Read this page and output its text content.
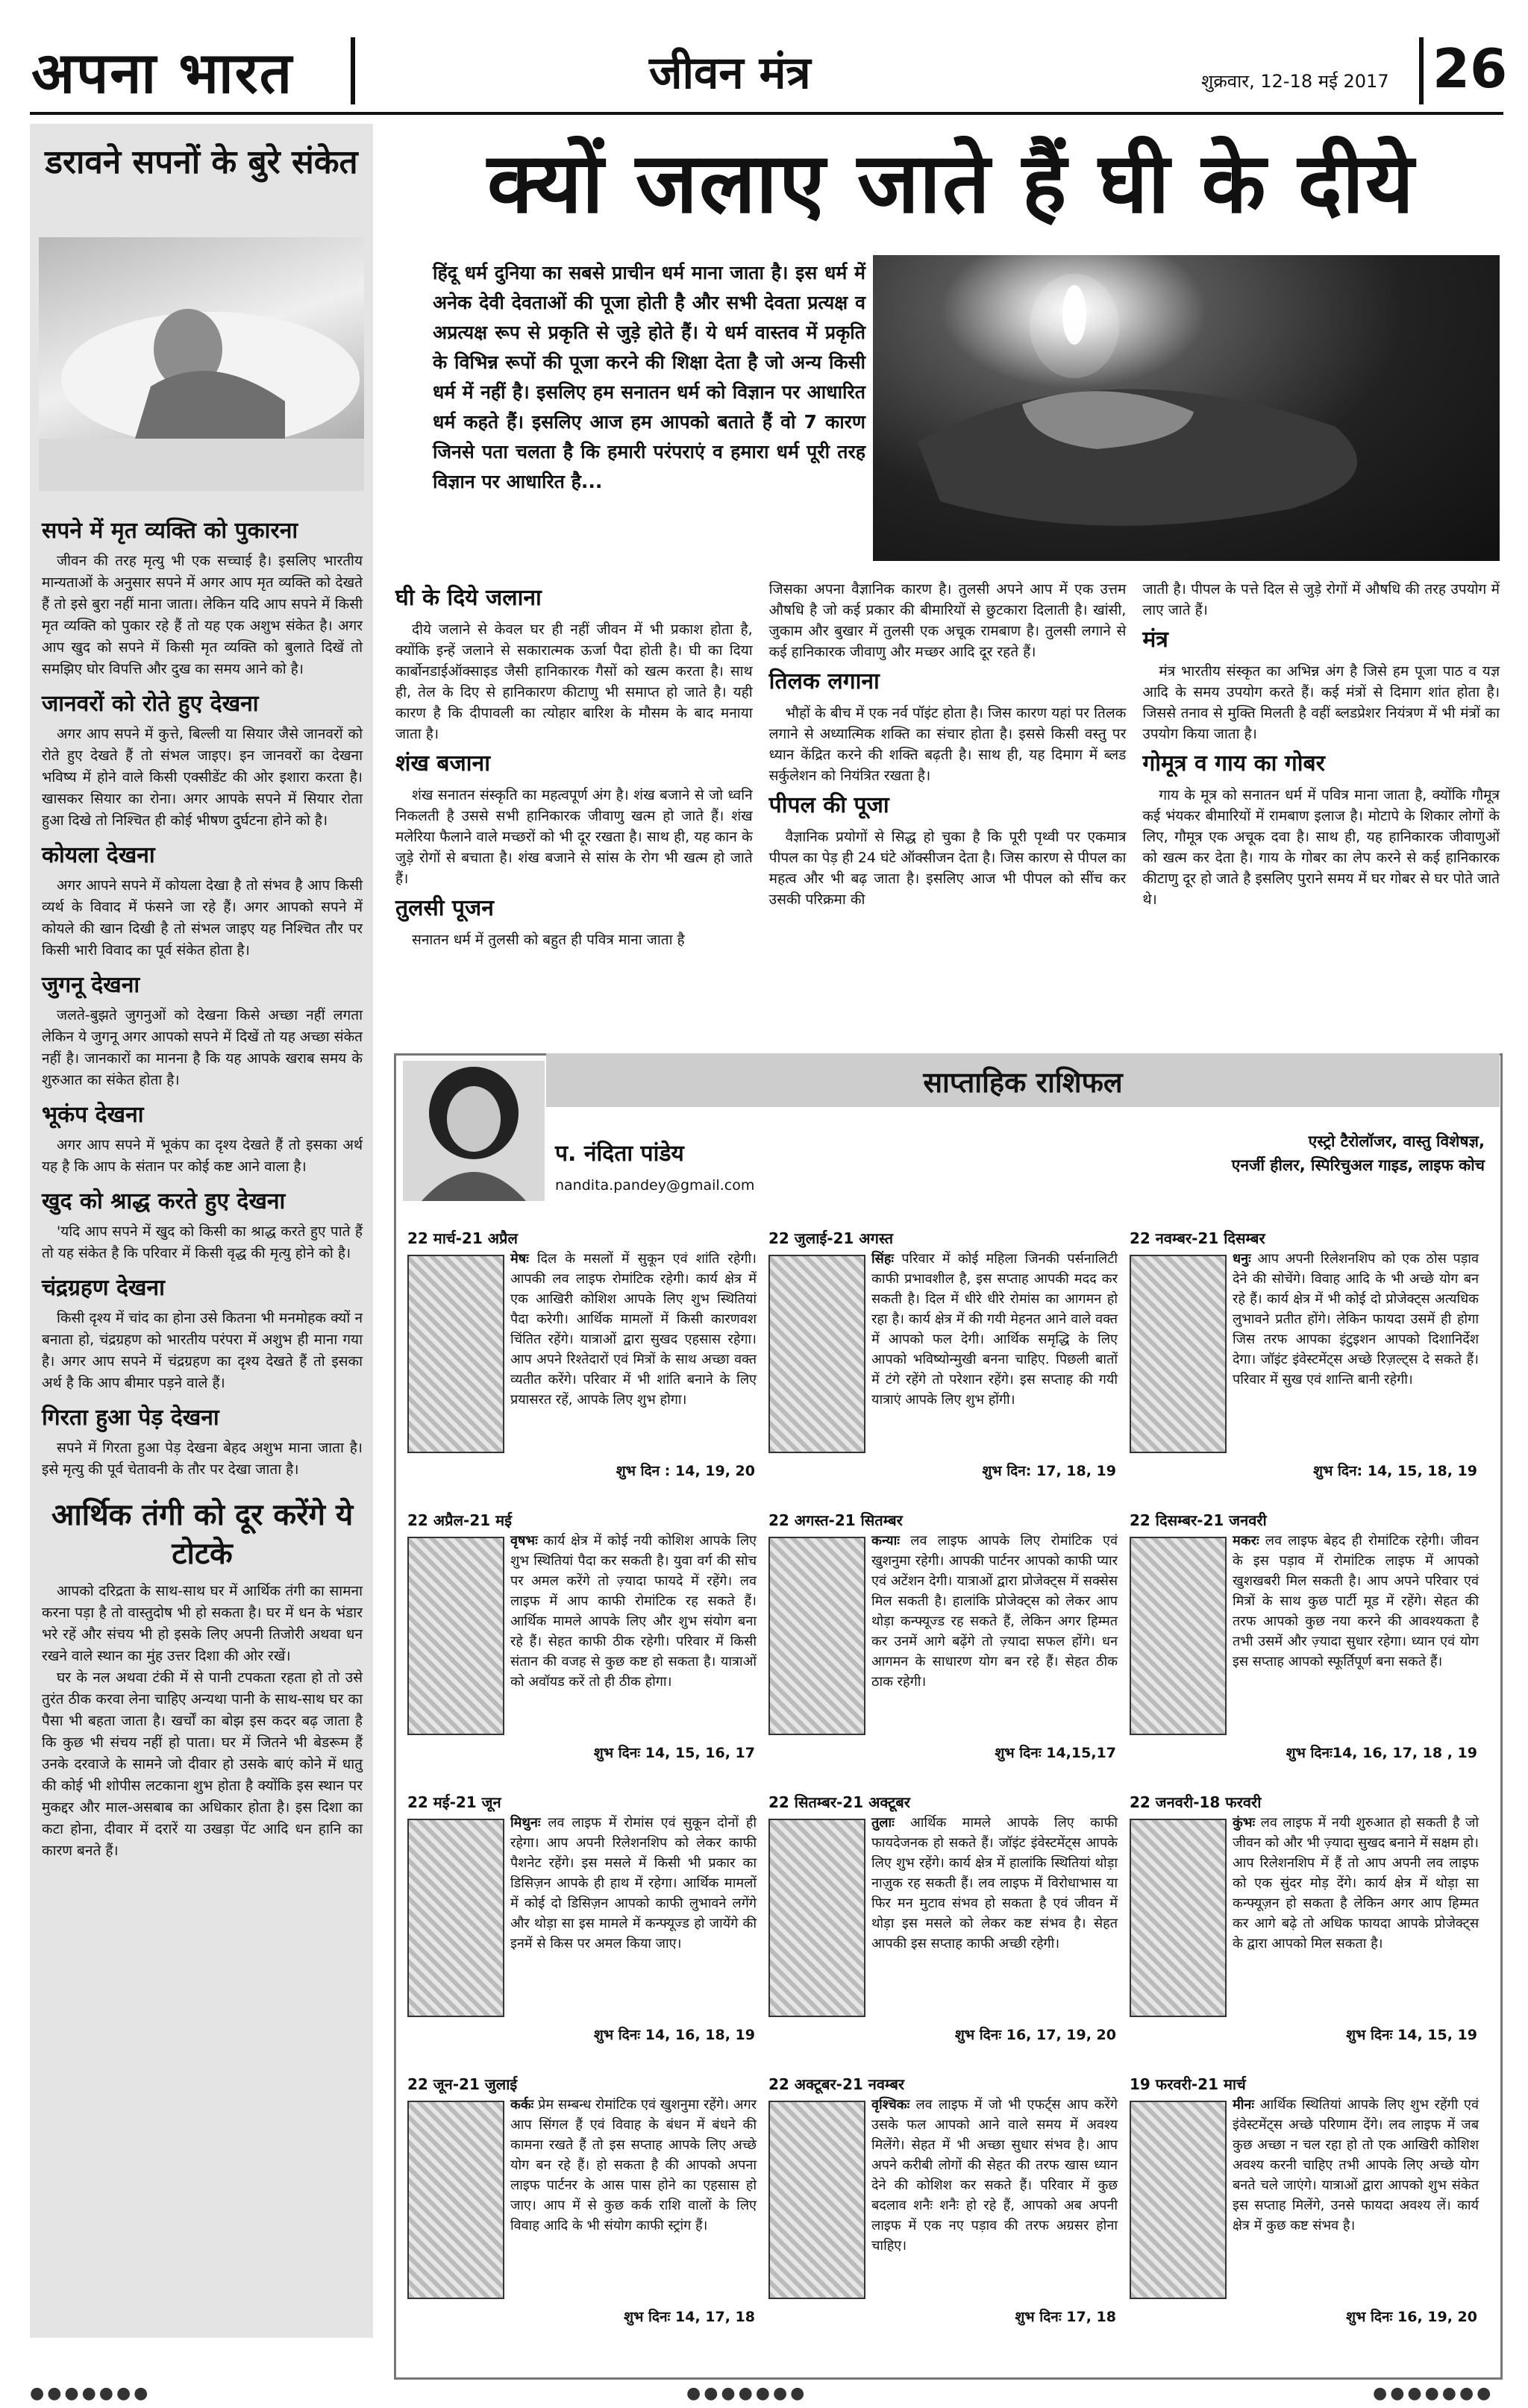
अपना भारत	जीवन मंत्र	शुक्रवार, 12-18 मई 2017 26
डरावने सपनों के बुरे संकेत
सपने में मृत व्यक्ति को पुकारना

जीवन की तरह मृत्यु भी एक सच्चाई है। इसलिए भारतीय मान्यताओं के अनुसार सपने में अगर आप मृत व्यक्ति को देखते हैं तो इसे बुरा नहीं माना जाता। लेकिन यदि आप सपने में किसी मृत व्यक्ति को पुकार रहे हैं तो यह एक अशुभ संकेत है। अगर आप खुद को सपने में किसी मृत व्यक्ति को बुलाते दिखें तो समझिए घोर विपत्ति और दुख का समय आने को है।

जानवरों को रोते हुए देखना

अगर आप सपने में कुत्ते, बिल्ली या सियार जैसे जानवरों को रोते हुए देखते हैं तो संभल जाइए। इन जानवरों का देखना भविष्य में होने वाले किसी एक्सीडेंट की ओर इशारा करता है। खासकर सियार का रोना। अगर आपके सपने में सियार रोता हुआ दिखे तो निश्चित ही कोई भीषण दुर्घटना होने को है।

कोयला देखना

अगर आपने सपने में कोयला देखा है तो संभव है आप किसी व्यर्थ के विवाद में फंसने जा रहे हैं। अगर आपको सपने में कोयले की खान दिखी है तो संभल जाइए यह निश्चित तौर पर किसी भारी विवाद का पूर्व संकेत होता है।

जुगनू देखना

जलते-बुझते जुगनुओं को देखना किसे अच्छा नहीं लगता लेकिन ये जुगनू अगर आपको सपने में दिखें तो यह अच्छा संकेत नहीं है। जानकारों का मानना है कि यह आपके खराब समय के शुरुआत का संकेत होता है।

भूकंप देखना

अगर आप सपने में भूकंप का दृश्य देखते हैं तो इसका अर्थ यह है कि आप के संतान पर कोई कष्ट आने वाला है।

खुद को श्राद्ध करते हुए देखना

'यदि आप सपने में खुद को किसी का श्राद्ध करते हुए पाते हैं तो यह संकेत है कि परिवार में किसी वृद्ध की मृत्यु होने को है।

चंद्रग्रहण देखना

किसी दृश्य में चांद का होना उसे कितना भी मनमोहक क्यों न बनाता हो, चंद्रग्रहण को भारतीय परंपरा में अशुभ ही माना गया है। अगर आप सपने में चंद्रग्रहण का दृश्य देखते हैं तो इसका अर्थ है कि आप बीमार पड़ने वाले हैं।

गिरता हुआ पेड़ देखना

सपने में गिरता हुआ पेड़ देखना बेहद अशुभ माना जाता है। इसे मृत्यु की पूर्व चेतावनी के तौर पर देखा जाता है।

आर्थिक तंगी को दूर करेंगे ये टोटके

आपको दरिद्रता के साथ-साथ घर में आर्थिक तंगी का सामना करना पड़ा है तो वास्तुदोष भी हो सकता है। घर में धन के भंडार भरे रहें और संचय भी हो इसके लिए अपनी तिजोरी अथवा धन रखने वाले स्थान का मुंह उत्तर दिशा की ओर रखें।

घर के नल अथवा टंकी में से पानी टपकता रहता हो तो उसे तुरंत ठीक करवा लेना चाहिए अन्यथा पानी के साथ-साथ घर का पैसा भी बहता जाता है। खर्चों का बोझ इस कदर बढ़ जाता है कि कुछ भी संचय नहीं हो पाता। घर में जितने भी बेडरूम हैं उनके दरवाजे के सामने जो दीवार हो उसके बाएं कोने में धातु की कोई भी शोपीस लटकाना शुभ होता है क्योंकि इस स्थान पर मुकद्दर और माल-असबाब का अधिकार होता है। इस दिशा का कटा होना, दीवार में दरारें या उखड़ा पेंट आदि धन हानि का कारण बनते हैं।

क्यों जलाए जाते हैं घी के दीये
हिंदू धर्म दुनिया का सबसे प्राचीन धर्म माना जाता है। इस धर्म में अनेक देवी देवताओं की पूजा होती है और सभी देवता प्रत्यक्ष व अप्रत्यक्ष रूप से प्रकृति से जुड़े होते हैं। ये धर्म वास्तव में प्रकृति के विभिन्न रूपों की पूजा करने की शिक्षा देता है जो अन्य किसी धर्म में नहीं है। इसलिए हम सनातन धर्म को विज्ञान पर आधारित धर्म कहते हैं। इसलिए आज हम आपको बताते हैं वो 7 कारण जिनसे पता चलता है कि हमारी परंपराएं व हमारा धर्म पूरी तरह विज्ञान पर आधारित है...
घी के दिये जलाना

दीये जलाने से केवल घर ही नहीं जीवन में भी प्रकाश होता है, क्योंकि इन्हें जलाने से सकारात्मक ऊर्जा पैदा होती है। घी का दिया कार्बोनडाईऑक्साइड जैसी हानिकारक गैसों को खत्म करता है। साथ ही, तेल के दिए से हानिकारण कीटाणु भी समाप्त हो जाते है। यही कारण है कि दीपावली का त्योहार बारिश के मौसम के बाद मनाया जाता है।

शंख बजाना

शंख सनातन संस्कृति का महत्वपूर्ण अंग है। शंख बजाने से जो ध्वनि निकलती है उससे सभी हानिकारक जीवाणु खत्म हो जाते हैं। शंख मलेरिया फैलाने वाले मच्छरों को भी दूर रखता है। साथ ही, यह कान के जुड़े रोगों से बचाता है। शंख बजाने से सांस के रोग भी खत्म हो जाते हैं।

तुलसी पूजन

सनातन धर्म में तुलसी को बहुत ही पवित्र माना जाता है

जिसका अपना वैज्ञानिक कारण है। तुलसी अपने आप में एक उत्तम औषधि है जो कई प्रकार की बीमारियों से छुटकारा दिलाती है। खांसी, जुकाम और बुखार में तुलसी एक अचूक रामबाण है। तुलसी लगाने से कई हानिकारक जीवाणु और मच्छर आदि दूर रहते हैं।

तिलक लगाना

भौहों के बीच में एक नर्व पॉइंट होता है। जिस कारण यहां पर तिलक लगाने से अध्यात्मिक शक्ति का संचार होता है। इससे किसी वस्तु पर ध्यान केंद्रित करने की शक्ति बढ़ती है। साथ ही, यह दिमाग में ब्लड सर्कुलेशन को नियंत्रित रखता है।

पीपल की पूजा

वैज्ञानिक प्रयोगों से सिद्ध हो चुका है कि पूरी पृथ्वी पर एकमात्र पीपल का पेड़ ही 24 घंटे ऑक्सीजन देता है। जिस कारण से पीपल का महत्व और भी बढ़ जाता है। इसलिए आज भी पीपल को सींच कर उसकी परिक्रमा की

जाती है। पीपल के पत्ते दिल से जुड़े रोगों में औषधि की तरह उपयोग में लाए जाते हैं।

मंत्र

मंत्र भारतीय संस्कृत का अभिन्न अंग है जिसे हम पूजा पाठ व यज्ञ आदि के समय उपयोग करते हैं। कई मंत्रों से दिमाग शांत होता है। जिससे तनाव से मुक्ति मिलती है वहीं ब्लडप्रेशर नियंत्रण में भी मंत्रों का उपयोग किया जाता है।

गोमूत्र व गाय का गोबर

गाय के मूत्र को सनातन धर्म में पवित्र माना जाता है, क्योंकि गौमूत्र कई भंयकर बीमारियों में रामबाण इलाज है। मोटापे के शिकार लोगों के लिए, गौमूत्र एक अचूक दवा है। साथ ही, यह हानिकारक जीवाणुओं को खत्म कर देता है। गाय के गोबर का लेप करने से कई हानिकारक कीटाणु दूर हो जाते है इसलिए पुराने समय में घर गोबर से घर पोते जाते थे।

साप्ताहिक राशिफल
प. नंदिता पांडेय
nandita.pandey@gmail.com
एस्ट्रो टैरोलॉजर, वास्तु विशेषज्ञ,
एनर्जी हीलर, स्पिरिचुअल गाइड, लाइफ कोच
22 मार्च-21 अप्रैल
मेषः दिल के मसलों में सुकून एवं शांति रहेगी। आपकी लव लाइफ रोमांटिक रहेगी। कार्य क्षेत्र में एक आखिरी कोशिश आपके लिए शुभ स्थितियां पैदा करेगी। आर्थिक मामलों में किसी कारणवश चिंतित रहेंगे। यात्राओं द्वारा सुखद एहसास रहेगा। आप अपने रिश्तेदारों एवं मित्रों के साथ अच्छा वक्त व्यतीत करेंगे। परिवार में भी शांति बनाने के लिए प्रयासरत रहें, आपके लिए शुभ होगा।
शुभ दिन : 14, 19, 20
22 जुलाई-21 अगस्त
सिंहः परिवार में कोई महिला जिनकी पर्सनालिटी काफी प्रभावशील है, इस सप्ताह आपकी मदद कर सकती है। दिल में धीरे धीरे रोमांस का आगमन हो रहा है। कार्य क्षेत्र में की गयी मेहनत आने वाले वक्त में आपको फल देगी। आर्थिक समृद्धि के लिए आपको भविष्योन्मुखी बनना चाहिए. पिछली बातों में टंगे रहेंगे तो परेशान रहेंगे। इस सप्ताह की गयी यात्राएं आपके लिए शुभ होंगी।
शुभ दिन: 17, 18, 19
22 नवम्बर-21 दिसम्बर
धनुः आप अपनी रिलेशनशिप को एक ठोस पड़ाव देने की सोचेंगे। विवाह आदि के भी अच्छे योग बन रहे हैं। कार्य क्षेत्र में भी कोई दो प्रोजेक्ट्स अत्यधिक लुभावने प्रतीत होंगे। लेकिन फायदा उसमें ही होगा जिस तरफ आपका इंटुइशन आपको दिशानिर्देश देगा। जॉइंट इंवेस्टमेंट्स अच्छे रिज़ल्ट्स दे सकते हैं। परिवार में सुख एवं शान्ति बानी रहेगी।
शुभ दिन: 14, 15, 18, 19
22 अप्रैल-21 मई
वृषभः कार्य क्षेत्र में कोई नयी कोशिश आपके लिए शुभ स्थितियां पैदा कर सकती है। युवा वर्ग की सोच पर अमल करेंगे तो ज़्यादा फायदे में रहेंगे। लव लाइफ में आप काफी रोमांटिक रह सकते हैं। आर्थिक मामले आपके लिए और शुभ संयोग बना रहे हैं। सेहत काफी ठीक रहेगी। परिवार में किसी संतान की वजह से कुछ कष्ट हो सकता है। यात्राओं को अवॉयड करें तो ही ठीक होगा।
शुभ दिनः 14, 15, 16, 17
22 अगस्त-21 सितम्बर
कन्याः लव लाइफ आपके लिए रोमांटिक एवं खुशनुमा रहेगी। आपकी पार्टनर आपको काफी प्यार एवं अटेंशन देगी। यात्राओं द्वारा प्रोजेक्ट्स में सक्सेस मिल सकती है। हालांकि प्रोजेक्ट्स को लेकर आप थोड़ा कन्फ्यूज्ड रह सकते हैं, लेकिन अगर हिम्मत कर उनमें आगे बढ़ेंगे तो ज़्यादा सफल होंगे। धन आगमन के साधारण योग बन रहे हैं। सेहत ठीक ठाक रहेगी।
शुभ दिनः 14,15,17
22 दिसम्बर-21 जनवरी
मकरः लव लाइफ बेहद ही रोमांटिक रहेगी। जीवन के इस पड़ाव में रोमांटिक लाइफ में आपको खुशखबरी मिल सकती है। आप अपने परिवार एवं मित्रों के साथ कुछ पार्टी मूड में रहेंगे। सेहत की तरफ आपको कुछ नया करने की आवश्यकता है तभी उसमें और ज़्यादा सुधार रहेगा। ध्यान एवं योग इस सप्ताह आपको स्फूर्तिपूर्ण बना सकते हैं।
शुभ दिनः14, 16, 17, 18 , 19
22 मई-21 जून
मिथुनः लव लाइफ में रोमांस एवं सुकून दोनों ही रहेगा। आप अपनी रिलेशनशिप को लेकर काफी पैशनेट रहेंगे। इस मसले में किसी भी प्रकार का डिसिज़न आपके ही हाथ में रहेगा। आर्थिक मामलों में कोई दो डिसिज़न आपको काफी लुभावने लगेंगे और थोड़ा सा इस मामले में कन्फ्यूज्ड हो जायेंगे की इनमें से किस पर अमल किया जाए।
शुभ दिनः 14, 16, 18, 19
22 सितम्बर-21 अक्टूबर
तुलाः आर्थिक मामले आपके लिए काफी फायदेजनक हो सकते हैं। जॉइंट इंवेस्टमेंट्स आपके लिए शुभ रहेंगे। कार्य क्षेत्र में हालांकि स्थितियां थोड़ा नाज़ुक रह सकती हैं। लव लाइफ में विरोधाभास या फिर मन मुटाव संभव हो सकता है एवं जीवन में थोड़ा इस मसले को लेकर कष्ट संभव है। सेहत आपकी इस सप्ताह काफी अच्छी रहेगी।
शुभ दिनः 16, 17, 19, 20
22 जनवरी-18 फरवरी
कुंभः लव लाइफ में नयी शुरुआत हो सकती है जो जीवन को और भी ज़्यादा सुखद बनाने में सक्षम हो। आप रिलेशनशिप में हैं तो आप अपनी लव लाइफ को एक सुंदर मोड़ देंगे। कार्य क्षेत्र में थोड़ा सा कन्फ्यूज़न हो सकता है लेकिन अगर आप हिम्मत कर आगे बढ़े तो अधिक फायदा आपके प्रोजेक्ट्स के द्वारा आपको मिल सकता है।
शुभ दिनः 14, 15, 19
22 जून-21 जुलाई
कर्कः प्रेम सम्बन्ध रोमांटिक एवं खुशनुमा रहेंगे। अगर आप सिंगल हैं एवं विवाह के बंधन में बंधने की कामना रखते हैं तो इस सप्ताह आपके लिए अच्छे योग बन रहे हैं। हो सकता है की आपको अपना लाइफ पार्टनर के आस पास होने का एहसास हो जाए। आप में से कुछ कर्क राशि वालों के लिए विवाह आदि के भी संयोग काफी स्ट्रांग हैं।
शुभ दिनः 14, 17, 18
22 अक्टूबर-21 नवम्बर
वृश्चिकः लव लाइफ में जो भी एफर्ट्स आप करेंगे उसके फल आपको आने वाले समय में अवश्य मिलेंगे। सेहत में भी अच्छा सुधार संभव है। आप अपने करीबी लोगों की सेहत की तरफ खास ध्यान देने की कोशिश कर सकते हैं। परिवार में कुछ बदलाव शनैः शनैः हो रहे हैं, आपको अब अपनी लाइफ में एक नए पड़ाव की तरफ अग्रसर होना चाहिए।
शुभ दिनः 17, 18
19 फरवरी-21 मार्च
मीनः आर्थिक स्थितियां आपके लिए शुभ रहेंगी एवं इंवेस्टमेंट्स अच्छे परिणाम देंगे। लव लाइफ में जब कुछ अच्छा न चल रहा हो तो एक आखिरी कोशिश अवश्य करनी चाहिए तभी आपके लिए अच्छे योग बनते चले जाएंगे। यात्राओं द्वारा आपको शुभ संकेत इस सप्ताह मिलेंगे, उनसे फायदा अवश्य लें। कार्य क्षेत्र में कुछ कष्ट संभव है।
शुभ दिनः 16, 19, 20
●●●●●●●	●●●●●●●	●●●●●●●
